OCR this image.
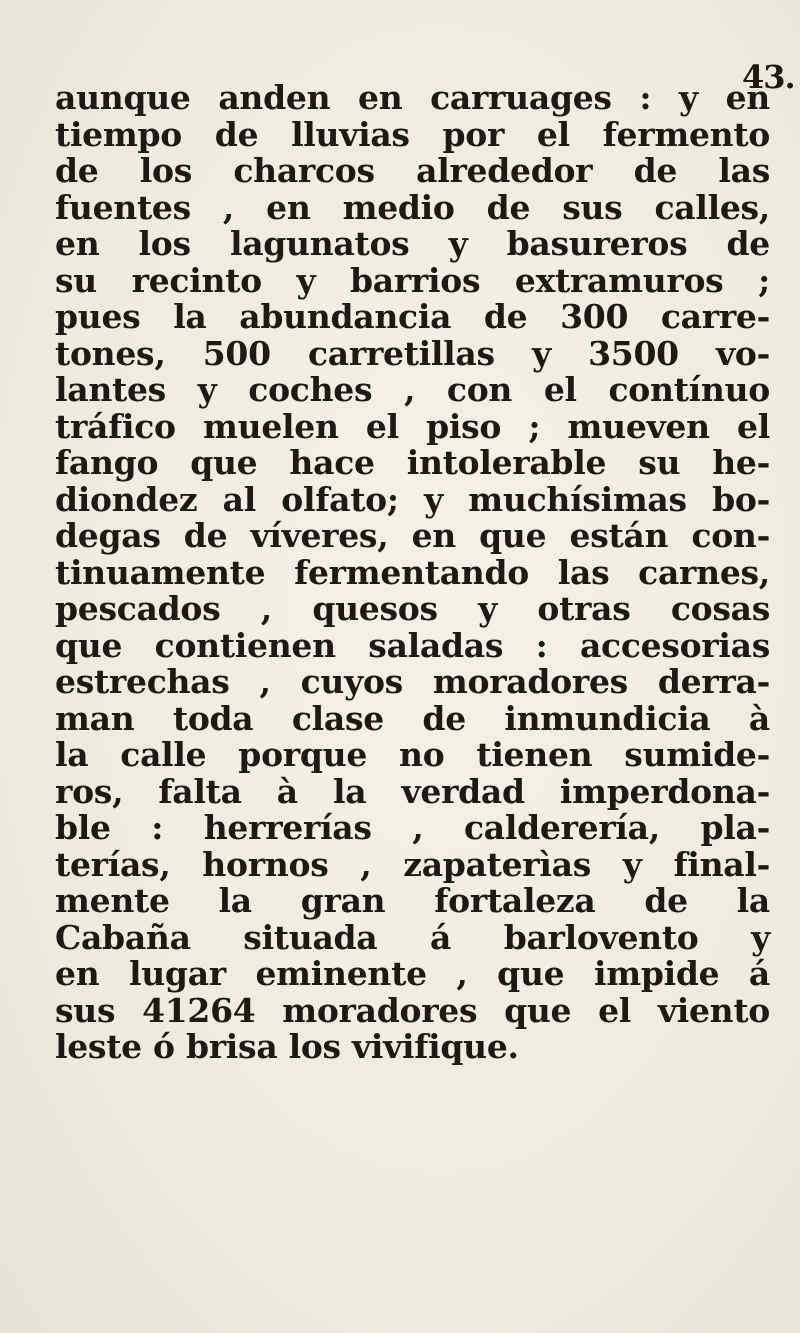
43.
aunque anden en carruages : y en
tiempo de lluvias por el fermento
de los charcos alrededor de las
fuentes , en medio de sus calles,
en los lagunatos y basureros de
su recinto y barrios extramuros ;
pues la abundancia de 300 carre-
tones, 500 carretillas y 3500 vo-
lantes y coches , con el contínuo
tráfico muelen el piso ; mueven el
fango que hace intolerable su he-
diondez al olfato; y muchísimas bo-
degas de víveres, en que están con-
tinuamente fermentando las carnes,
pescados , quesos y otras cosas
que contienen saladas : accesorias
estrechas , cuyos moradores derra-
man toda clase de inmundicia à
la calle porque no tienen sumide-
ros, falta à la verdad imperdona-
ble : herrerías , calderería, pla-
terías, hornos , zapaterìas y final-
mente la gran fortaleza de la
Cabaña situada á barlovento y
en lugar eminente , que impide á
sus 41264 moradores que el viento
leste ó brisa los vivifique.
